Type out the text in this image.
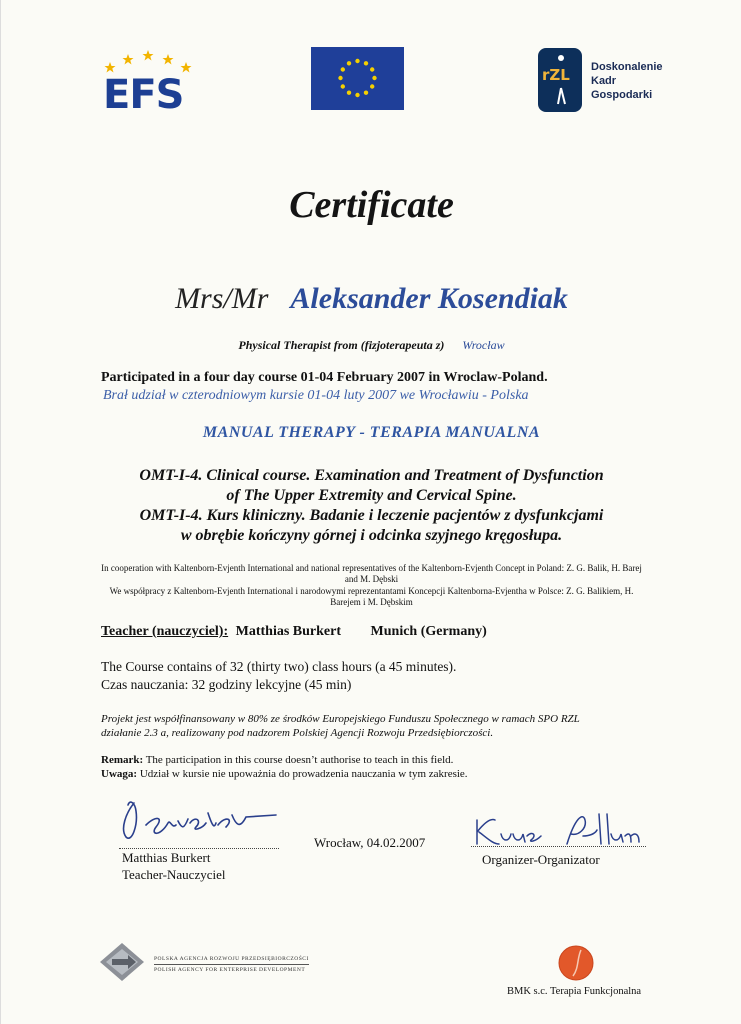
EFS	rZL Doskonalenie
Kadr
Gospodarki
Certificate
Mrs/Mr Aleksander Kosendiak
Physical Therapist from (fizjoterapeuta z) Wrocław
Participated in a four day course 01-04 February 2007 in Wroclaw-Poland.
Brał udział w czterodniowym kursie 01-04 luty 2007 we Wrocławiu - Polska
MANUAL THERAPY - TERAPIA MANUALNA
OMT-I-4. Clinical course. Examination and Treatment of Dysfunction
of The Upper Extremity and Cervical Spine.
OMT-I-4. Kurs kliniczny. Badanie i leczenie pacjentów z dysfunkcjami
w obrębie kończyny górnej i odcinka szyjnego kręgosłupa.
In cooperation with Kaltenborn-Evjenth International and national representatives of the Kaltenborn-Evjenth Concept in Poland: Z. G. Balik, H. Barej and M. Dębski
We współpracy z Kaltenborn-Evjenth International i narodowymi reprezentantami Koncepcji Kaltenborna-Evjentha w Polsce: Z. G. Balikiem, H. Barejem i M. Dębskim
Teacher (nauczyciel): Matthias Burkert Munich (Germany)
The Course contains of 32 (thirty two) class hours (a 45 minutes).
Czas nauczania: 32 godziny lekcyjne (45 min)
Projekt jest współfinansowany w 80% ze środków Europejskiego Funduszu Społecznego w ramach SPO RZL
działanie 2.3 a, realizowany pod nadzorem Polskiej Agencji Rozwoju Przedsiębiorczości.
Remark: The participation in this course doesn’t authorise to teach in this field.
Uwaga: Udział w kursie nie upoważnia do prowadzenia nauczania w tym zakresie.
Matthias Burkert
Teacher-Nauczyciel
Wrocław, 04.02.2007
Organizer-Organizator
POLSKA AGENCJA ROZWOJU PRZEDSIĘBIORCZOŚCI
POLISH AGENCY FOR ENTERPRISE DEVELOPMENT
BMK s.c. Terapia Funkcjonalna
